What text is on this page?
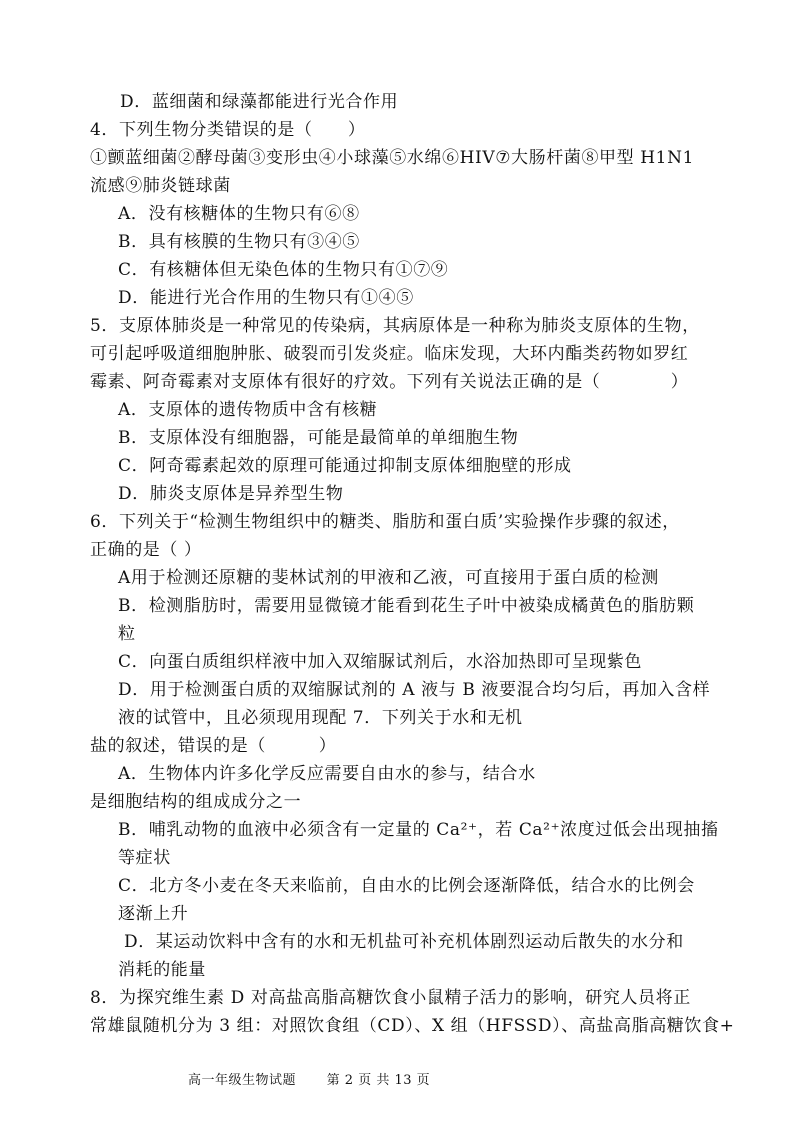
D．蓝细菌和绿藻都能进行光合作用
4．下列生物分类错误的是（　　）
①颤蓝细菌②酵母菌③变形虫④小球藻⑤水绵⑥HIV⑦大肠杆菌⑧甲型 H1N1
流感⑨肺炎链球菌
A．没有核糖体的生物只有⑥⑧
B．具有核膜的生物只有③④⑤
C．有核糖体但无染色体的生物只有①⑦⑨
D．能进行光合作用的生物只有①④⑤
5．支原体肺炎是一种常见的传染病，其病原体是一种称为肺炎支原体的生物，
可引起呼吸道细胞肿胀、破裂而引发炎症。临床发现，大环内酯类药物如罗红
霉素、阿奇霉素对支原体有很好的疗效。下列有关说法正确的是（　　　　）
A．支原体的遗传物质中含有核糖
B．支原体没有细胞器，可能是最简单的单细胞生物
C．阿奇霉素起效的原理可能通过抑制支原体细胞壁的形成
D．肺炎支原体是异养型生物
6．下列关于“检测生物组织中的糖类、脂肪和蛋白质’实验操作步骤的叙述，
正确的是（ ）
A用于检测还原糖的斐林试剂的甲液和乙液，可直接用于蛋白质的检测
B．检测脂肪时，需要用显微镜才能看到花生子叶中被染成橘黄色的脂肪颗
粒
C．向蛋白质组织样液中加入双缩脲试剂后，水浴加热即可呈现紫色
D．用于检测蛋白质的双缩脲试剂的 A 液与 B 液要混合均匀后，再加入含样
液的试管中，且必须现用现配 7．下列关于水和无机
盐的叙述，错误的是（　　　）
A．生物体内许多化学反应需要自由水的参与，结合水
是细胞结构的组成成分之一
B．哺乳动物的血液中必须含有一定量的 Ca²⁺，若 Ca²⁺浓度过低会出现抽搐
等症状
C．北方冬小麦在冬天来临前，自由水的比例会逐渐降低，结合水的比例会
逐渐上升
D．某运动饮料中含有的水和无机盐可补充机体剧烈运动后散失的水分和
消耗的能量
8．为探究维生素 D 对高盐高脂高糖饮食小鼠精子活力的影响，研究人员将正
常雄鼠随机分为 3 组：对照饮食组（CD）、X 组（HFSSD）、高盐高脂高糖饮食+
高一年级生物试题 第 2 页 共 13 页
